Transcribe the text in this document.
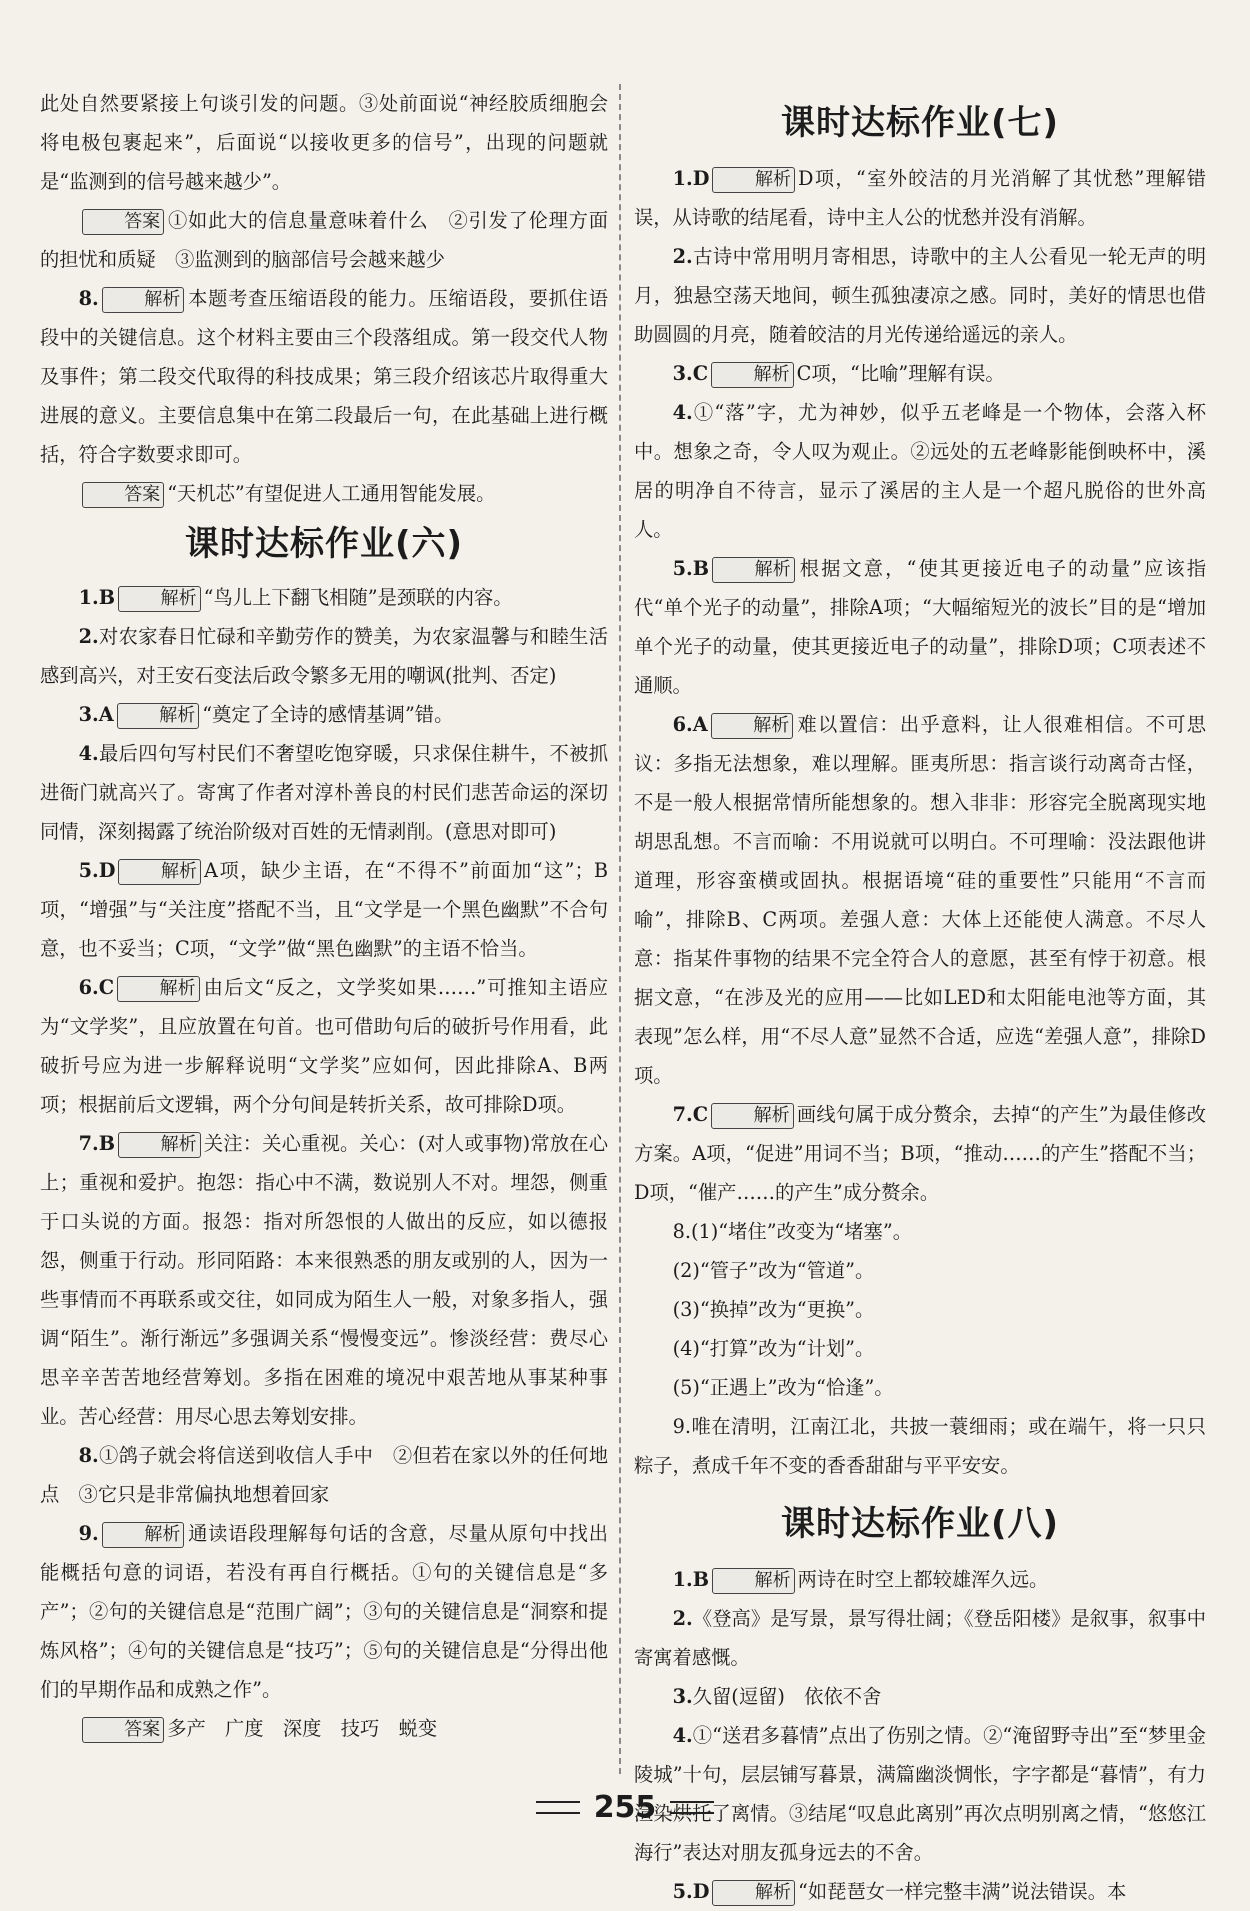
此处自然要紧接上句谈引发的问题。③处前面说“神经胶质细胞会将电极包裹起来”，后面说“以接收更多的信号”，出现的问题就是“监测到的信号越来越少”。

答案 ①如此大的信息量意味着什么　②引发了伦理方面的担忧和质疑　③监测到的脑部信号会越来越少

8.	解析 本题考查压缩语段的能力。压缩语段，要抓住语段中的关键信息。这个材料主要由三个段落组成。第一段交代人物及事件；第二段交代取得的科技成果；第三段介绍该芯片取得重大进展的意义。主要信息集中在第二段最后一句，在此基础上进行概括，符合字数要求即可。

答案 “天机芯”有望促进人工通用智能发展。

课时达标作业(六)

1.B	解析 “鸟儿上下翻飞相随”是颈联的内容。

2.对农家春日忙碌和辛勤劳作的赞美，为农家温馨与和睦生活感到高兴，对王安石变法后政令繁多无用的嘲讽(批判、否定)

3.A	解析 “奠定了全诗的感情基调”错。

4.最后四句写村民们不奢望吃饱穿暖，只求保住耕牛，不被抓进衙门就高兴了。寄寓了作者对淳朴善良的村民们悲苦命运的深切同情，深刻揭露了统治阶级对百姓的无情剥削。(意思对即可)

5.D	解析 A项，缺少主语，在“不得不”前面加“这”；B项，“增强”与“关注度”搭配不当，且“文学是一个黑色幽默”不合句意，也不妥当；C项，“文学”做“黑色幽默”的主语不恰当。

6.C	解析 由后文“反之，文学奖如果……”可推知主语应为“文学奖”，且应放置在句首。也可借助句后的破折号作用看，此破折号应为进一步解释说明“文学奖”应如何，因此排除A、B两项；根据前后文逻辑，两个分句间是转折关系，故可排除D项。

7.B	解析 关注：关心重视。关心：(对人或事物)常放在心上；重视和爱护。抱怨：指心中不满，数说别人不对。埋怨，侧重于口头说的方面。报怨：指对所怨恨的人做出的反应，如以德报怨，侧重于行动。形同陌路：本来很熟悉的朋友或别的人，因为一些事情而不再联系或交往，如同成为陌生人一般，对象多指人，强调“陌生”。渐行渐远”多强调关系“慢慢变远”。惨淡经营：费尽心思辛辛苦苦地经营筹划。多指在困难的境况中艰苦地从事某种事业。苦心经营：用尽心思去筹划安排。

8.①鸽子就会将信送到收信人手中　②但若在家以外的任何地点　③它只是非常偏执地想着回家

9.	解析 通读语段理解每句话的含意，尽量从原句中找出能概括句意的词语，若没有再自行概括。①句的关键信息是“多产”；②句的关键信息是“范围广阔”；③句的关键信息是“洞察和提炼风格”；④句的关键信息是“技巧”；⑤句的关键信息是“分得出他们的早期作品和成熟之作”。

答案 多产　广度　深度　技巧　蜕变

课时达标作业(七)

1.D	解析 D项，“室外皎洁的月光消解了其忧愁”理解错误，从诗歌的结尾看，诗中主人公的忧愁并没有消解。

2.古诗中常用明月寄相思，诗歌中的主人公看见一轮无声的明月，独悬空荡天地间，顿生孤独凄凉之感。同时，美好的情思也借助圆圆的月亮，随着皎洁的月光传递给遥远的亲人。

3.C	解析 C项，“比喻”理解有误。

4.①“落”字，尤为神妙，似乎五老峰是一个物体，会落入杯中。想象之奇，令人叹为观止。②远处的五老峰影能倒映杯中，溪居的明净自不待言，显示了溪居的主人是一个超凡脱俗的世外高人。

5.B	解析 根据文意，“使其更接近电子的动量”应该指代“单个光子的动量”，排除A项；“大幅缩短光的波长”目的是“增加单个光子的动量，使其更接近电子的动量”，排除D项；C项表述不通顺。

6.A	解析 难以置信：出乎意料，让人很难相信。不可思议：多指无法想象，难以理解。匪夷所思：指言谈行动离奇古怪，不是一般人根据常情所能想象的。想入非非：形容完全脱离现实地胡思乱想。不言而喻：不用说就可以明白。不可理喻：没法跟他讲道理，形容蛮横或固执。根据语境“硅的重要性”只能用“不言而喻”，排除B、C两项。差强人意：大体上还能使人满意。不尽人意：指某件事物的结果不完全符合人的意愿，甚至有悖于初意。根据文意，“在涉及光的应用——比如LED和太阳能电池等方面，其表现”怎么样，用“不尽人意”显然不合适，应选“差强人意”，排除D项。

7.C	解析 画线句属于成分赘余，去掉“的产生”为最佳修改方案。A项，“促进”用词不当；B项，“推动……的产生”搭配不当；D项，“催产……的产生”成分赘余。

8.(1)“堵住”改变为“堵塞”。

(2)“管子”改为“管道”。

(3)“换掉”改为“更换”。

(4)“打算”改为“计划”。

(5)“正遇上”改为“恰逢”。

9.唯在清明，江南江北，共披一蓑细雨；或在端午，将一只只粽子，煮成千年不变的香香甜甜与平平安安。

课时达标作业(八)

1.B	解析 两诗在时空上都较雄浑久远。

2.《登高》是写景，景写得壮阔；《登岳阳楼》是叙事，叙事中寄寓着感慨。

3.久留(逗留)　依依不舍

4.①“送君多暮情”点出了伤别之情。②“淹留野寺出”至“梦里金陵城”十句，层层铺写暮景，满篇幽淡惆怅，字字都是“暮情”，有力渲染烘托了离情。③结尾“叹息此离别”再次点明别离之情，“悠悠江海行”表达对朋友孤身远去的不舍。

5.D	解析 “如琵琶女一样完整丰满”说法错误。本

255
